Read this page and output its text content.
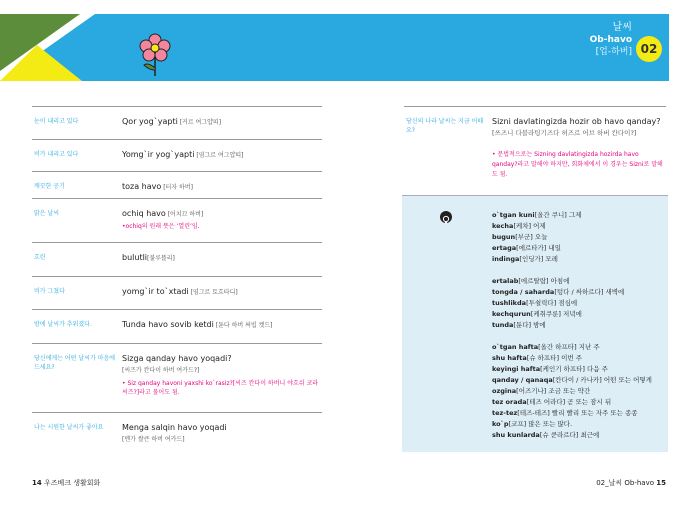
날씨
Ob-havo
[업-하버] 02
눈이 내리고 있다	Qor yog`yapti [커르 여그얍띠]
비가 내리고 있다	Yomg`ir yog`yapti [염그르 여그얍띠]
깨끗한 공기	toza havo [터자 하버]
맑은 날씨	ochiq havo [어치끄 하버]
•ochiq의 원래 뜻은 ‘열린’임.
흐린	bulutli[불루뜰리]
비가 그쳤다	yomg`ir to`xtadi [염그르 토흐타디]
밤에 날씨가 추워졌다.	Tunda havo sovib ketdi [툰다 하버 써빕 켓드]
당신에게는 어떤 날씨가 마음에 드세요?
Sizga qanday havo yoqadi?
[씨즈가 칸다이 하버 여카드?]
• Siz qanday havoni yaxshi ko`rasiz?[씨즈 칸다이 하버니 야흐쉬 코라씨즈?]라고 물어도 됨.
나는 시원한 날씨가 좋아요	Menga salqin havo yoqadi
[멘가 쌀큰 하버 여카드]
당신의 나라 날씨는 지금 어때요?
Sizni davlatingizda hozir ob havo qanday?
[쓰즈니 다블라팅기즈다 허즈르 어브 하버 칸다이?]
• 문법적으로는 Sizning davlatingizda hozirda havo qanday?라고 말해야 하지만, 회화체에서 이 경우는 Sizni로 말해도 됨.
o`tgan kuni[올간 쿠니] 그제
kecha[케차] 어제
bugun[부군] 오늘
ertaga[에르타가] 내일
indinga[인딩가] 모레
ertalab[에르탈랍] 아침에
tongda / saharda[텅다 / 싸하르다] 새벽에
tushlikda[투쉴릭다] 점심에
kechqurun[케취쿠룬] 저녁에
tunda[툰다] 밤에
o`tgan hafta[올간 하프타] 지난 주
shu hafta[슈 하프타] 이번 주
keyingi hafta[케인기 하프타] 다음 주
qanday / qanaqa[칸다이 / 카나카] 어떤 또는 어떻게
ozgina[어즈기나] 조금 또는 약간
tez orada[테즈 어라다] 곧 또는 잠시 뒤
tez-tez[테즈-테즈] 빨리 빨리 또는 자주 또는 종종
ko`p[코프] 많은 또는 많다.
shu kunlarda[슈 쿤라르다] 최근에
14 우즈베크 생활회화	02_날씨 Ob-havo 15
